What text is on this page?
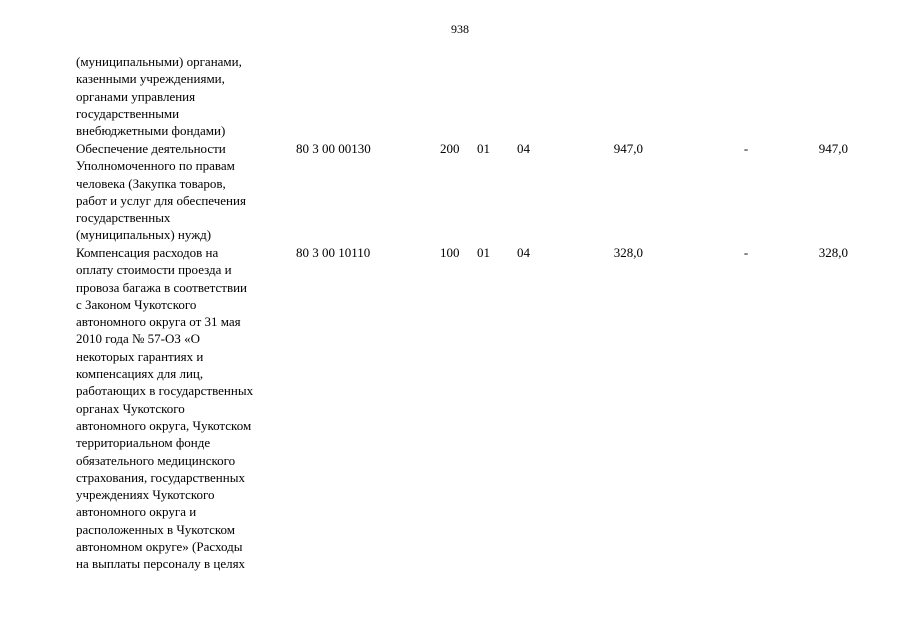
938
(муниципальными) органами,
казенными учреждениями,
органами управления
государственными
внебюджетными фондами)
Обеспечение деятельности
Уполномоченного по правам
человека (Закупка товаров,
работ и услуг для обеспечения
государственных
(муниципальных) нужд)
80 3 00 00130	200 01 04	947,0	-	947,0
Компенсация расходов на
оплату стоимости проезда и
провоза багажа в соответствии
с Законом Чукотского
автономного округа от 31 мая
2010 года № 57-ОЗ «О
некоторых гарантиях и
компенсациях для лиц,
работающих в государственных
органах Чукотского
автономного округа, Чукотском
территориальном фонде
обязательного медицинского
страхования, государственных
учреждениях Чукотского
автономного округа и
расположенных в Чукотском
автономном округе» (Расходы
на выплаты персоналу в целях
80 3 00 10110	100 01 04	328,0	-	328,0
